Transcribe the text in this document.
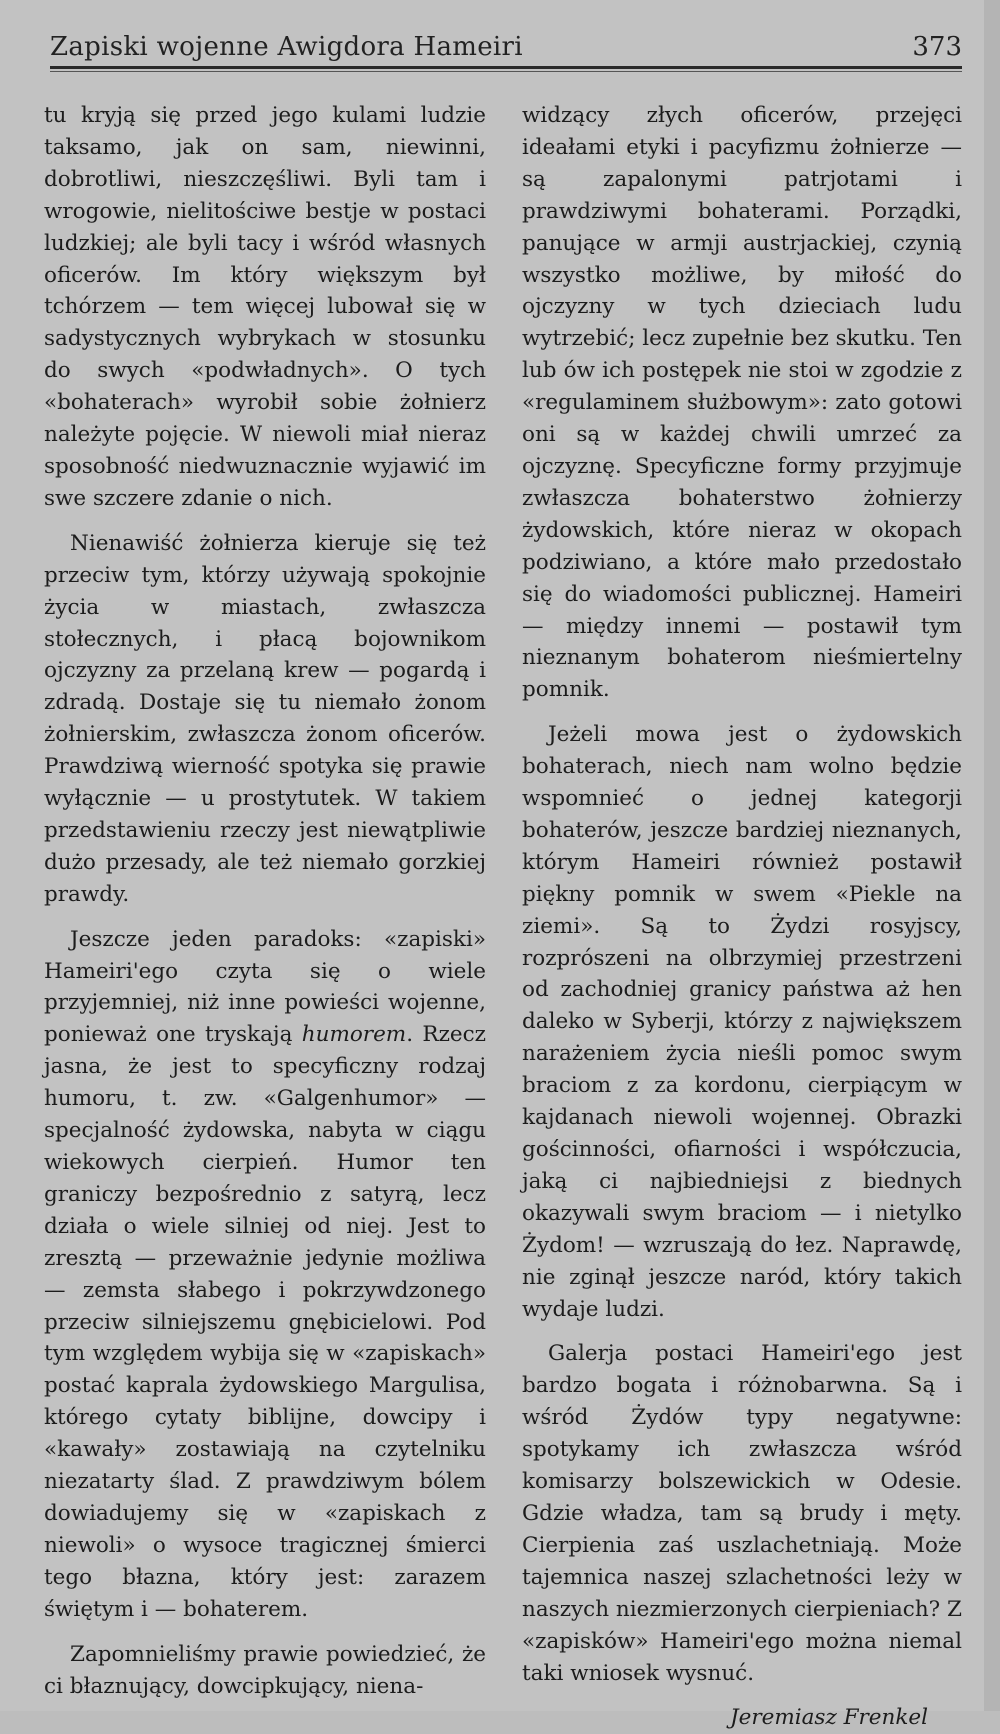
Zapiski wojenne Awigdora Hameiri	373

tu kryją się przed jego kulami ludzie taksamo, jak on sam, niewinni, dobrotliwi, nieszczęśliwi. Byli tam i wrogowie, nielitościwe bestje w postaci ludzkiej; ale byli tacy i wśród własnych oficerów. Im który większym był tchórzem — tem więcej lubował się w sadystycznych wybrykach w stosunku do swych «podwładnych». O tych «bohaterach» wyrobił sobie żołnierz należyte pojęcie. W niewoli miał nieraz sposobność niedwuznacznie wyjawić im swe szczere zdanie o nich.

Nienawiść żołnierza kieruje się też przeciw tym, którzy używają spokojnie życia w miastach, zwłaszcza stołecznych, i płacą bojownikom ojczyzny za przelaną krew — pogardą i zdradą. Dostaje się tu niemało żonom żołnierskim, zwłaszcza żonom oficerów. Prawdziwą wierność spotyka się prawie wyłącznie — u prostytutek. W takiem przedstawieniu rzeczy jest niewątpliwie dużo przesady, ale też niemało gorzkiej prawdy.

Jeszcze jeden paradoks: «zapiski» Hameiri'ego czyta się o wiele przyjemniej, niż inne powieści wojenne, ponieważ one tryskają humorem. Rzecz jasna, że jest to specyficzny rodzaj humoru, t. zw. «Galgenhumor» — specjalność żydowska, nabyta w ciągu wiekowych cierpień. Humor ten graniczy bezpośrednio z satyrą, lecz działa o wiele silniej od niej. Jest to zresztą — przeważnie jedynie możliwa — zemsta słabego i pokrzywdzonego przeciw silniejszemu gnębicielowi. Pod tym względem wybija się w «zapiskach» postać kaprala żydowskiego Margulisa, którego cytaty biblijne, dowcipy i «kawały» zostawiają na czytelniku niezatarty ślad. Z prawdziwym bólem dowiadujemy się w «zapiskach z niewoli» o wysoce tragicznej śmierci tego błazna, który jest: zarazem świętym i — bohaterem.

Zapomnieliśmy prawie powiedzieć, że ci błaznujący, dowcipkujący, niena-

widzący złych oficerów, przejęci ideałami etyki i pacyfizmu żołnierze — są zapalonymi patrjotami i prawdziwymi bohaterami. Porządki, panujące w armji austrjackiej, czynią wszystko możliwe, by miłość do ojczyzny w tych dzieciach ludu wytrzebić; lecz zupełnie bez skutku. Ten lub ów ich postępek nie stoi w zgodzie z «regulaminem służbowym»: zato gotowi oni są w każdej chwili umrzeć za ojczyznę. Specyficzne formy przyjmuje zwłaszcza bohaterstwo żołnierzy żydowskich, które nieraz w okopach podziwiano, a które mało przedostało się do wiadomości publicznej. Hameiri — między innemi — postawił tym nieznanym bohaterom nieśmiertelny pomnik.

Jeżeli mowa jest o żydowskich bohaterach, niech nam wolno będzie wspomnieć o jednej kategorji bohaterów, jeszcze bardziej nieznanych, którym Hameiri również postawił piękny pomnik w swem «Piekle na ziemi». Są to Żydzi rosyjscy, rozprószeni na olbrzymiej przestrzeni od zachodniej granicy państwa aż hen daleko w Syberji, którzy z największem narażeniem życia nieśli pomoc swym braciom z za kordonu, cierpiącym w kajdanach niewoli wojennej. Obrazki gościnności, ofiarności i współczucia, jaką ci najbiedniejsi z biednych okazywali swym braciom — i nietylko Żydom! — wzruszają do łez. Naprawdę, nie zginął jeszcze naród, który takich wydaje ludzi.

Galerja postaci Hameiri'ego jest bardzo bogata i różnobarwna. Są i wśród Żydów typy negatywne: spotykamy ich zwłaszcza wśród komisarzy bolszewickich w Odesie. Gdzie władza, tam są brudy i męty. Cierpienia zaś uszlachetniają. Może tajemnica naszej szlachetności leży w naszych niezmierzonych cierpieniach? Z «zapisków» Hameiri'ego można niemal taki wniosek wysnuć.

Jeremiasz Frenkel
